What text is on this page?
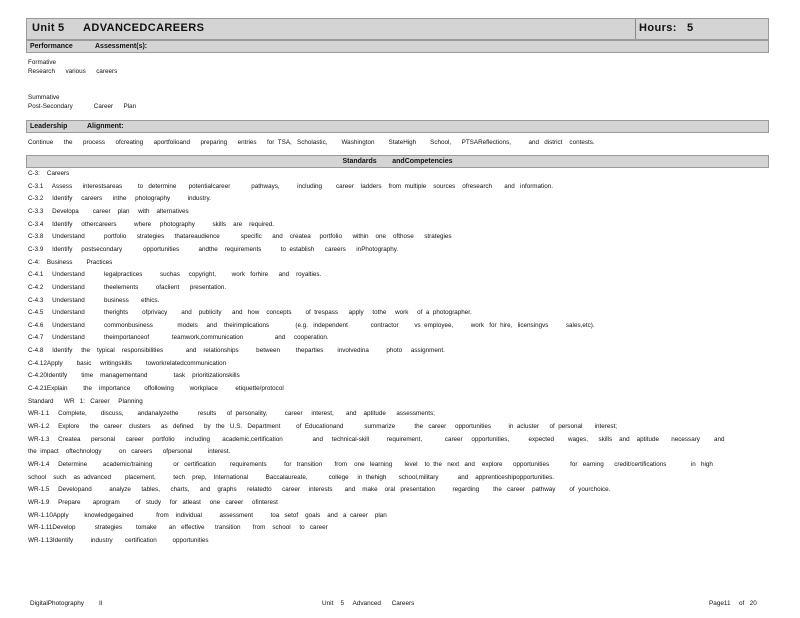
Unit 5 ADVANCEDCAREERS	Hours: 5
Performance	Assessment(s):
Formative
Research      various      careers
Summative
Post-Secondary            Career      Plan
Leadership	Alignment:
Continue      the      process      ofcreating      aportfolioand      preparing      entries      for  TSA,   Scholastic,        Washington        StateHigh        School,      PTSAReflections,          and   district    contests.
Standards        andCompetencies
C-3:    Careers
C-3.1     Assess      interestsareas         to   determine       potentialcareer            pathways,          including        career    ladders    from  multiple    sources    ofresearch       and   information.
C-3.2     Identify     careers      inthe     photography          industry.
C-3.3     Developa        career    plan     with    alternatives
C-3.4     Identify     othercareers          where     photography          skills    are    required.
C-3.8     Understand           portfolio      strategies      thatareaudience            specific      and    createa     portfolio      within    one    ofthose      strategies
C-3.9     Identify     postsecondary            opportunities           andthe    requirements           to  establish      careers      inPhotography.
C-4:    Business        Practices
C-4.1     Understand           legalpractices          suchas     copyright,         work   forhire      and    royalties.
C-4.2     Understand           theelements          ofaclient      presentation.
C-4.3     Understand           business       ethics.
C-4.5     Understand           therights        ofprivacy        and    publicity      and   how    concepts        of  trespass      apply     tothe     work     of  a  photographer.
C-4.6     Understand           commonbusiness              models     and    theirimplications               (e.g.   independent             contractor         vs  employee,          work   for  hire,   licensingvs          sales,etc).
C-4.7     Understand           theimportanceof             teamwork,communication                  and     cooperation.
C-4.8     Identify     the    typical    responsibilities             and    relationships          between         theparties        involvedina          photo     assignment.
C-4.12Apply        basic     writingskills        toworkrelatedcommunication
C-4.20Identify        time    managementand               task    prioritizationskills
C-4.21Explain         the    importance        offollowing         workplace          etiquette/protocol
Standard      WR   1:   Career     Planning
WR-1.1     Complete,        discuss,        andanalyzethe           results      of  personality,          career     interest,       and    aptitude      assessments;
WR-1.2     Explore      the   career    clusters      as   defined      by   the   U.S.   Department         of  Educationand            summarize           the   career     opportunities          in  acluster      of  personal       interest;
WR-1.3     Createa      personal      career     portfolio      including       academic,certification                 and     technical-skill          requirement,             career     opportunities,           expected        wages,      skills    and    aptitude       necessary        and
the  impact    oftechnology          on   careers      ofpersonal         interest.
WR-1.4     Determine         academic/training            or   certification        requirements          for   transition       from    one   learning       level    to  the   next   and    explore      opportunities            for   earning      credit/certifications              in   high
school    such    as  advanced        placement,          tech    prep,    International          Baccalaureate,            college     in  thehigh       school,military           and    apprenticeshipopportunities.
WR-1.5     Developand          analyze      tables,      charts,      and    graphs      relatedto      career     interests       and    make    oral   presentation          regarding        the   career    pathway        of  yourchoice.
WR-1.9     Prepare       aprogram         of   study     for   atleast     one   career     ofinterest
WR-1.10Apply         knowledgegained             from    individual          assessment          toa   setof    goals    and   a  career    plan
WR-1.11Develop           strategies        tomake       an   effective      transition       from    school     to   career
WR-1.13Identify          industry       certification         opportunities
DigitalPhotography II	Unit    5     Advanced      Careers	Page11 of   20
